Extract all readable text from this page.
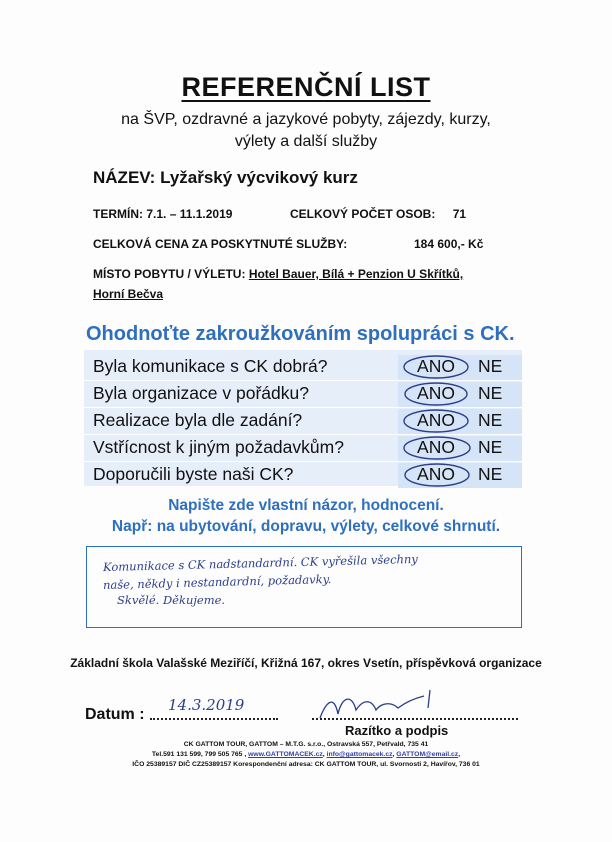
REFERENČNÍ LIST
na ŠVP, ozdravné a jazykové pobyty, zájezdy, kurzy,
výlety a další služby
NÁZEV: Lyžařský výcvikový kurz
TERMÍN: 7.1. – 11.1.2019	CELKOVÝ POČET OSOB: 71
CELKOVÁ CENA ZA POSKYTNUTÉ SLUŽBY:	184 600,- Kč
MÍSTO POBYTU / VÝLETU: Hotel Bauer, Bílá + Penzion U Skřítků,
Horní Bečva
Ohodnoťte zakroužkováním spolupráci s CK.
Byla komunikace s CK dobrá?
Byla organizace v pořádku?
Realizace byla dle zadání?
Vstřícnost k jiným požadavkům?
Doporučili byste naši CK?
ANO
ANO
ANO
ANO
ANO
NE
NE
NE
NE
NE
Napište zde vlastní názor, hodnocení.
Např: na ubytování, dopravu, výlety, celkové shrnutí.
Komunikace s CK nadstandardní. CK vyřešila všechny
naše, někdy i nestandardní, požadavky.
Skvělé. Děkujeme.
Základní škola Valašské Meziříčí, Křižná 167, okres Vsetín, příspěvková organizace
Datum :
14.3.2019
Razítko a podpis
CK GATTOM TOUR, GATTOM – M.T.G. s.r.o., Ostravská 557, Petřvald, 735 41
Tel.591 131 599, 799 505 765 , www.GATTOMACEK.cz, info@gattomacek.cz, GATTOM@email.cz,
IČO 25389157 DIČ CZ25389157 Korespondenční adresa: CK GATTOM TOUR, ul. Svornosti 2, Havířov, 736 01
